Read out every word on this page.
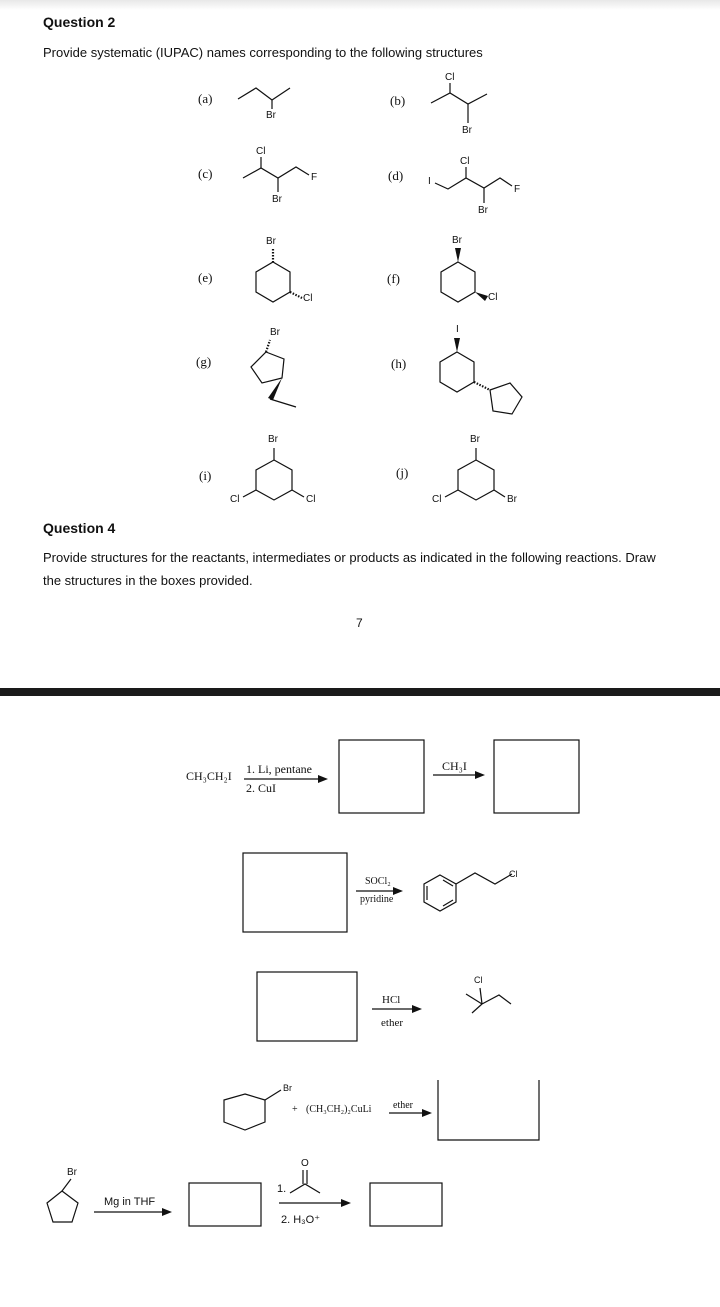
Question 2
Provide systematic (IUPAC) names corresponding to the following structures
(a)	(b)
(c)	(d)
(e)	(f)
(g)	(h)
(i)	(j)
Br
Cl
Br
Cl
F
Br
I
Cl
F
Br
Br
Cl
Br
Cl
Br	I
Br
Cl	Cl
Br
Cl	Br
Question 4
Provide structures for the reactants, intermediates or products as indicated in the following reactions. Draw
the structures in the boxes provided.
7
CH₃CH₂I 1. Li, pentane
2. CuI
CH₃I
SOCl₂
pyridine
Cl
HCl
ether
Cl
Br
+ (CH₃CH₂)₂CuLi ether
Br
Mg in THF
O
1.
2. H₃O⁺
